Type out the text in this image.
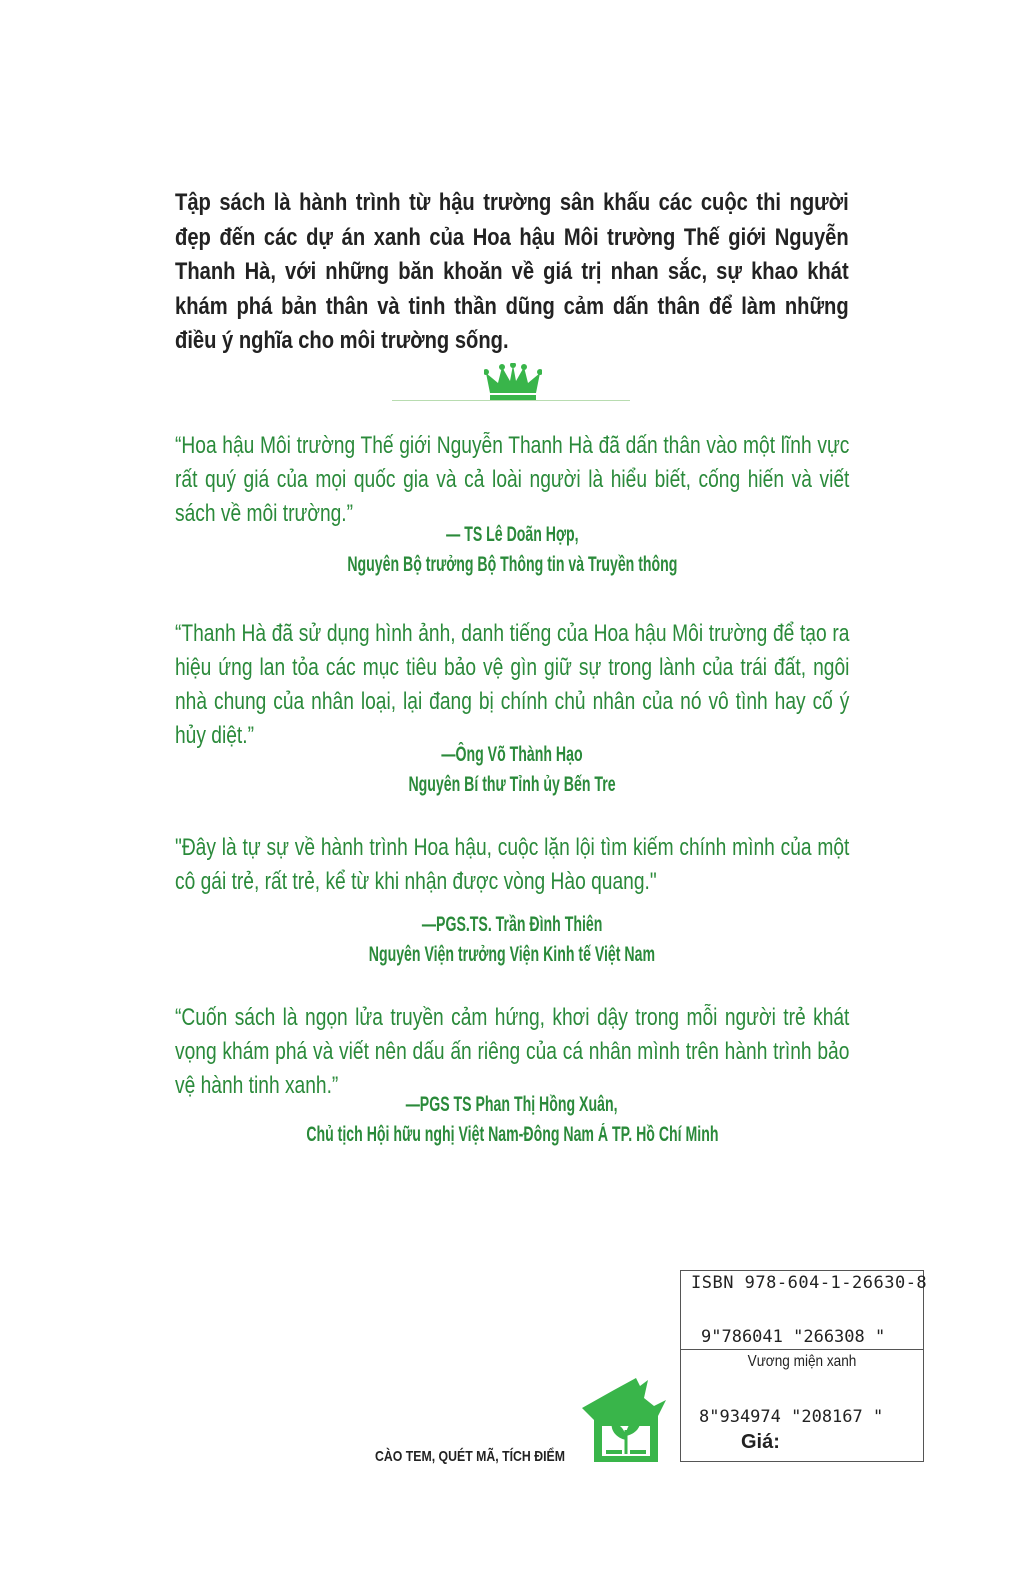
Tập sách là hành trình từ hậu trường sân khấu các cuộc thi người đẹp đến các dự án xanh của Hoa hậu Môi trường Thế giới Nguyễn Thanh Hà, với những băn khoăn về giá trị nhan sắc, sự khao khát khám phá bản thân và tinh thần dũng cảm dấn thân để làm những điều ý nghĩa cho môi trường sống.

“Hoa hậu Môi trường Thế giới Nguyễn Thanh Hà đã dấn thân vào một lĩnh vực rất quý giá của mọi quốc gia và cả loài người là hiểu biết, cống hiến và viết sách về môi trường.”

— TS Lê Doãn Hợp,
Nguyên Bộ trưởng Bộ Thông tin và Truyền thông

“Thanh Hà đã sử dụng hình ảnh, danh tiếng của Hoa hậu Môi trường để tạo ra hiệu ứng lan tỏa các mục tiêu bảo vệ gìn giữ sự trong lành của trái đất, ngôi nhà chung của nhân loại, lại đang bị chính chủ nhân của nó vô tình hay cố ý hủy diệt.”

—Ông Võ Thành Hạo
Nguyên Bí thư Tỉnh ủy Bến Tre

"Đây là tự sự về hành trình Hoa hậu, cuộc lặn lội tìm kiếm chính mình của một cô gái trẻ, rất trẻ, kể từ khi nhận được vòng Hào quang."

—PGS.TS. Trần Đình Thiên
Nguyên Viện trưởng Viện Kinh tế Việt Nam

“Cuốn sách là ngọn lửa truyền cảm hứng, khơi dậy trong mỗi người trẻ khát vọng khám phá và viết nên dấu ấn riêng của cá nhân mình trên hành trình bảo vệ hành tinh xanh.”

—PGS TS Phan Thị Hồng Xuân,
Chủ tịch Hội hữu nghị Việt Nam-Đông Nam Á TP. Hồ Chí Minh
CÀO TEM, QUÉT MÃ, TÍCH ĐIỂM
ISBN 978-604-1-26630-8
9"786041 "266308 "
Vương miện xanh
8"934974 "208167 "
Giá:
